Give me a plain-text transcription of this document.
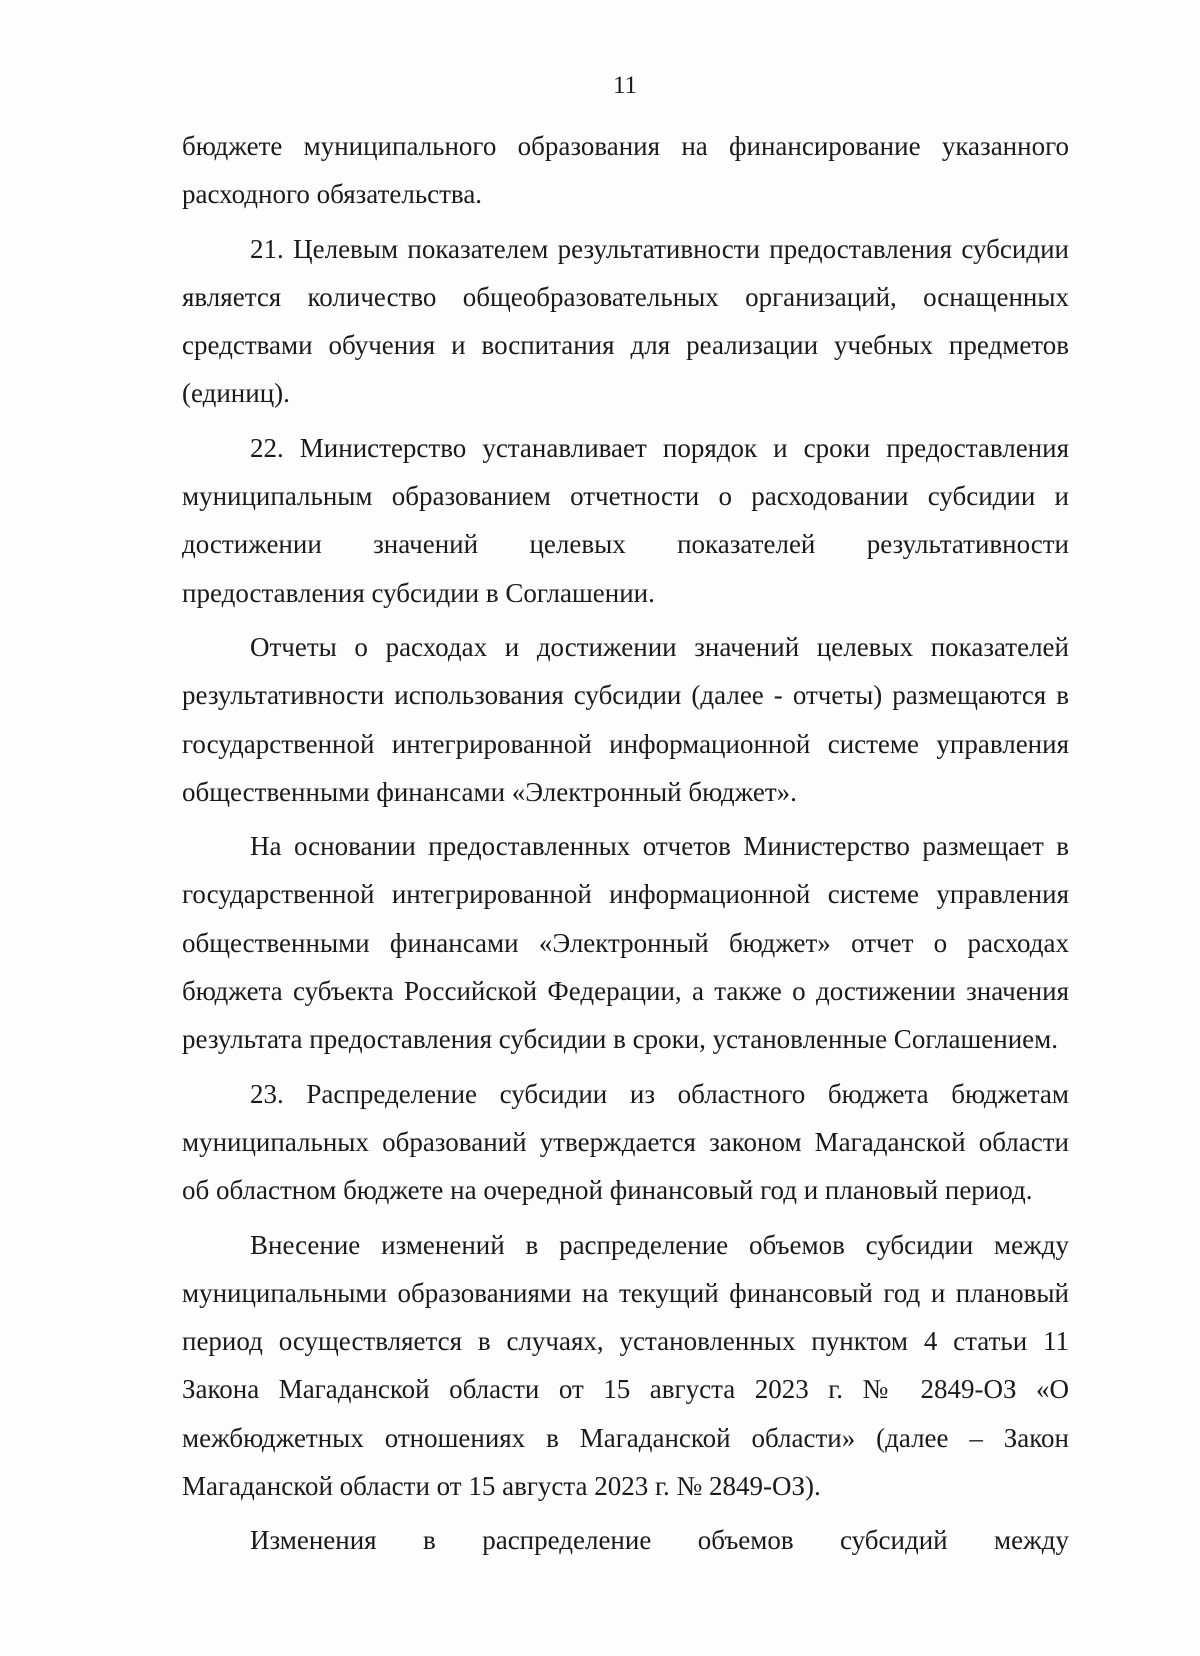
11

бюджете муниципального образования на финансирование указанного расходного обязательства.

21. Целевым показателем результативности предоставления субсидии является количество общеобразовательных организаций, оснащенных средствами обучения и воспитания для реализации учебных предметов (единиц).

22. Министерство устанавливает порядок и сроки предоставления муниципальным образованием отчетности о расходовании субсидии и достижении значений целевых показателей результативности предоставления субсидии в Соглашении.

Отчеты о расходах и достижении значений целевых показателей результативности использования субсидии (далее - отчеты) размещаются в государственной интегрированной информационной системе управления общественными финансами «Электронный бюджет».

На основании предоставленных отчетов Министерство размещает в государственной интегрированной информационной системе управления общественными финансами «Электронный бюджет» отчет о расходах бюджета субъекта Российской Федерации, а также о достижении значения результата предоставления субсидии в сроки, установленные Соглашением.

23. Распределение субсидии из областного бюджета бюджетам муниципальных образований утверждается законом Магаданской области об областном бюджете на очередной финансовый год и плановый период.

Внесение изменений в распределение объемов субсидии между муниципальными образованиями на текущий финансовый год и плановый период осуществляется в случаях, установленных пунктом 4 статьи 11 Закона Магаданской области от 15 августа 2023 г. № 2849-ОЗ «О межбюджетных отношениях в Магаданской области» (далее – Закон Магаданской области от 15 августа 2023 г. № 2849-ОЗ).

Изменения в распределение объемов субсидий между
